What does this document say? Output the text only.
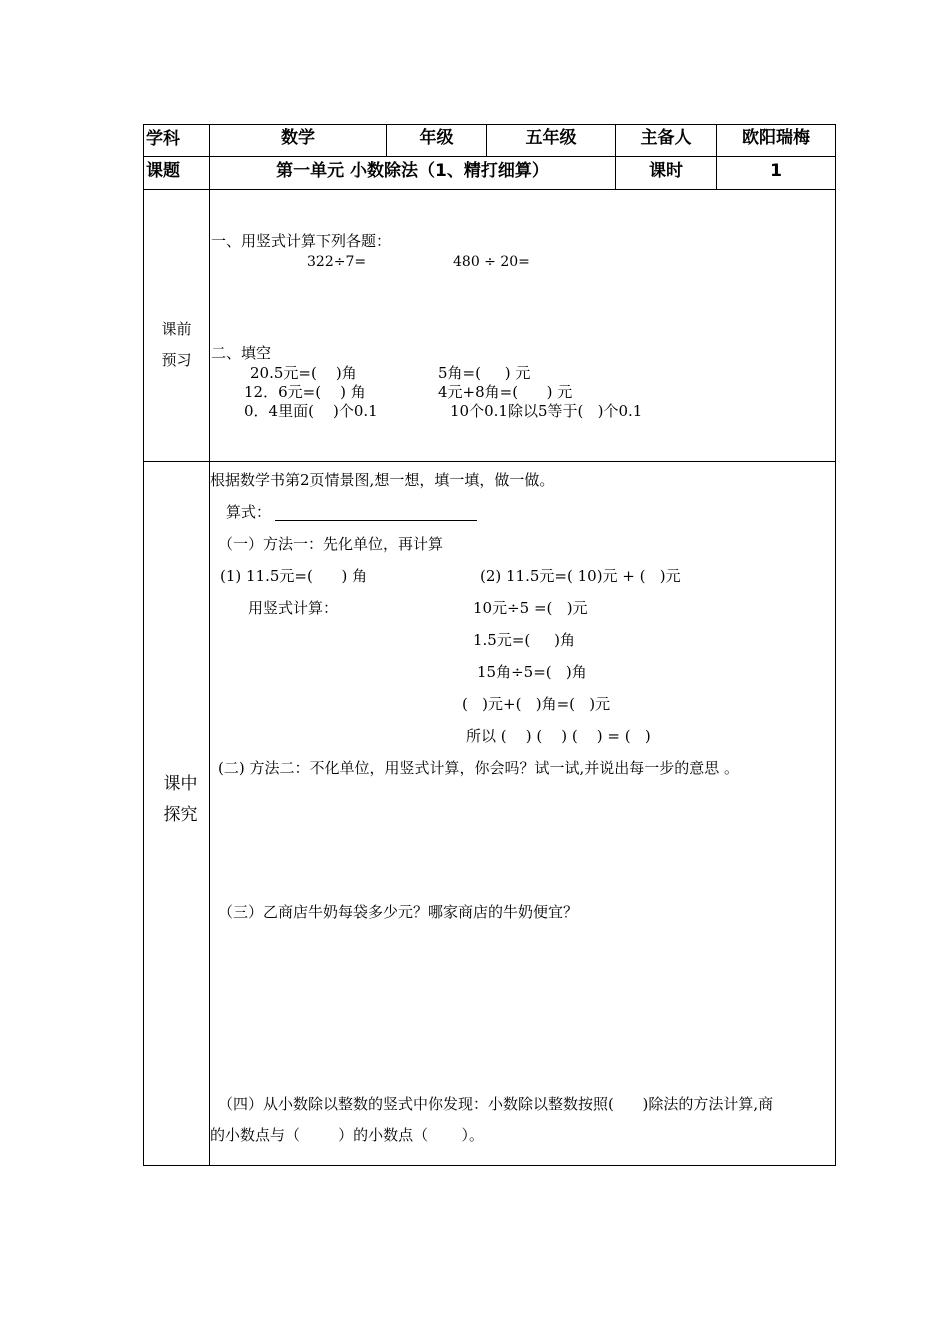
学科	数学	年级	五年级	主备人	欧阳瑞梅
课题	第一单元 小数除法（1、精打细算）	课时	1
课前
预习
一、用竖式计算下列各题：
322÷7=	480 ÷ 20=
二、填空
20.5元=(    )角	5角=(     ) 元
12．6元=(    ) 角	4元+8角=(      ) 元
0．4里面(    )个0.1	10个0.1除以5等于(   )个0.1
课中
探究
根据数学书第2页情景图,想一想，填一填，做一做。
算式：
（一）方法一：先化单位，再计算
(1) 11.5元=(      ) 角	(2) 11.5元=( 10)元 + (   )元
用竖式计算：	10元÷5 =(   )元
1.5元=(     )角
15角÷5=(   )角
(   )元+(   )角=(   )元
所以 (    ) (    ) (    ) = (   )
(二) 方法二：不化单位，用竖式计算，你会吗？试一试,并说出每一步的意思 。
（三）乙商店牛奶每袋多少元？哪家商店的牛奶便宜？
（四）从小数除以整数的竖式中你发现：小数除以整数按照(      )除法的方法计算,商
的小数点与（        ）的小数点（       ）。
